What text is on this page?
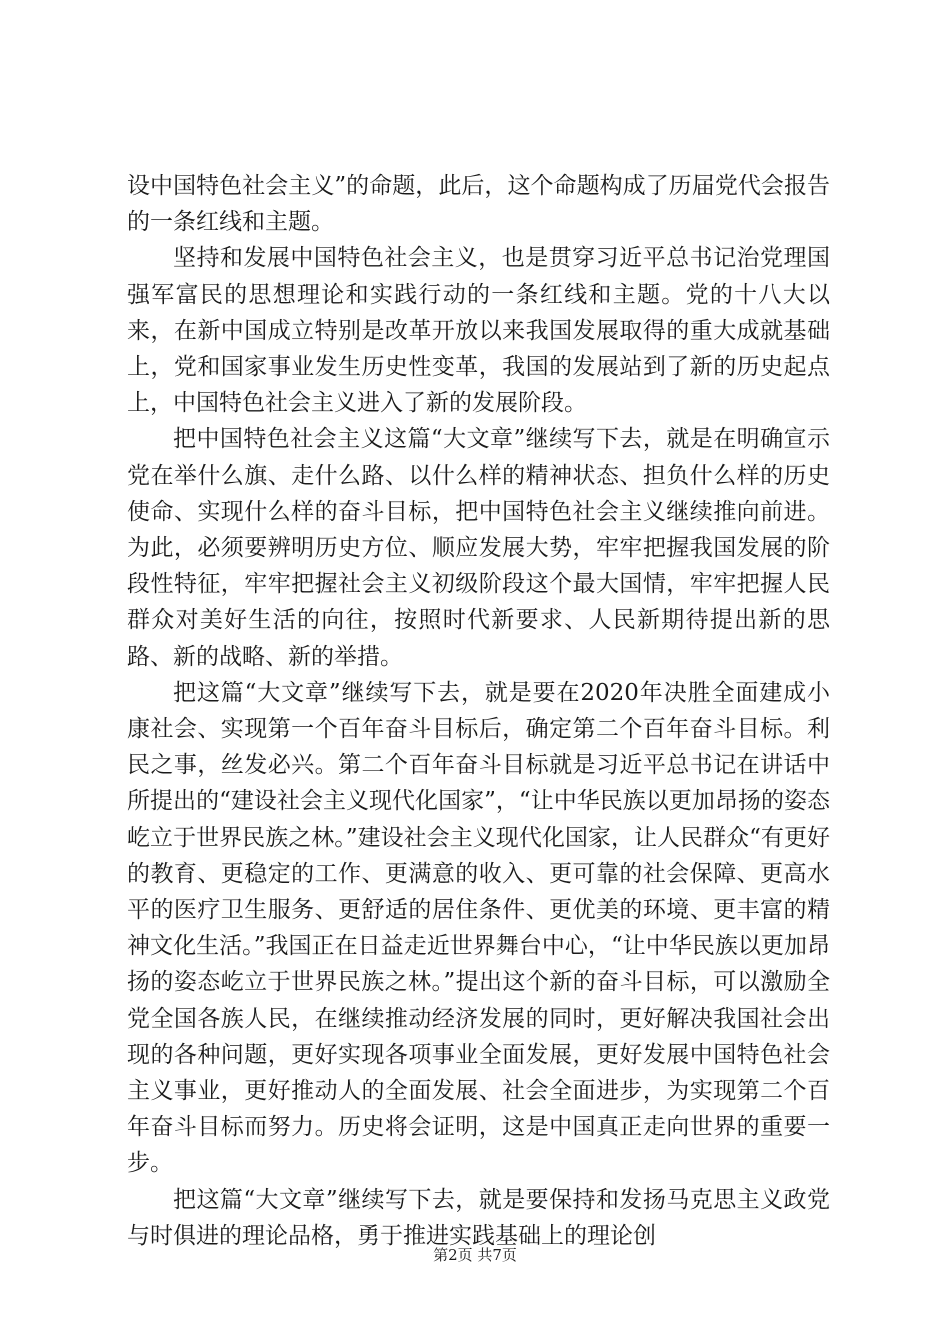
设中国特色社会主义”的命题，此后，这个命题构成了历届党代会报告的一条红线和主题。

坚持和发展中国特色社会主义，也是贯穿习近平总书记治党理国强军富民的思想理论和实践行动的一条红线和主题。党的十八大以来，在新中国成立特别是改革开放以来我国发展取得的重大成就基础上，党和国家事业发生历史性变革，我国的发展站到了新的历史起点上，中国特色社会主义进入了新的发展阶段。

把中国特色社会主义这篇“大文章”继续写下去，就是在明确宣示党在举什么旗、走什么路、以什么样的精神状态、担负什么样的历史使命、实现什么样的奋斗目标，把中国特色社会主义继续推向前进。为此，必须要辨明历史方位、顺应发展大势，牢牢把握我国发展的阶段性特征，牢牢把握社会主义初级阶段这个最大国情，牢牢把握人民群众对美好生活的向往，按照时代新要求、人民新期待提出新的思路、新的战略、新的举措。

把这篇“大文章”继续写下去，就是要在2020年决胜全面建成小康社会、实现第一个百年奋斗目标后，确定第二个百年奋斗目标。利民之事，丝发必兴。第二个百年奋斗目标就是习近平总书记在讲话中所提出的“建设社会主义现代化国家”，“让中华民族以更加昂扬的姿态屹立于世界民族之林。”建设社会主义现代化国家，让人民群众“有更好的教育、更稳定的工作、更满意的收入、更可靠的社会保障、更高水平的医疗卫生服务、更舒适的居住条件、更优美的环境、更丰富的精神文化生活。”我国正在日益走近世界舞台中心，“让中华民族以更加昂扬的姿态屹立于世界民族之林。”提出这个新的奋斗目标，可以激励全党全国各族人民，在继续推动经济发展的同时，更好解决我国社会出现的各种问题，更好实现各项事业全面发展，更好发展中国特色社会主义事业，更好推动人的全面发展、社会全面进步，为实现第二个百年奋斗目标而努力。历史将会证明，这是中国真正走向世界的重要一步。

把这篇“大文章”继续写下去，就是要保持和发扬马克思主义政党与时俱进的理论品格，勇于推进实践基础上的理论创

第2页 共7页
